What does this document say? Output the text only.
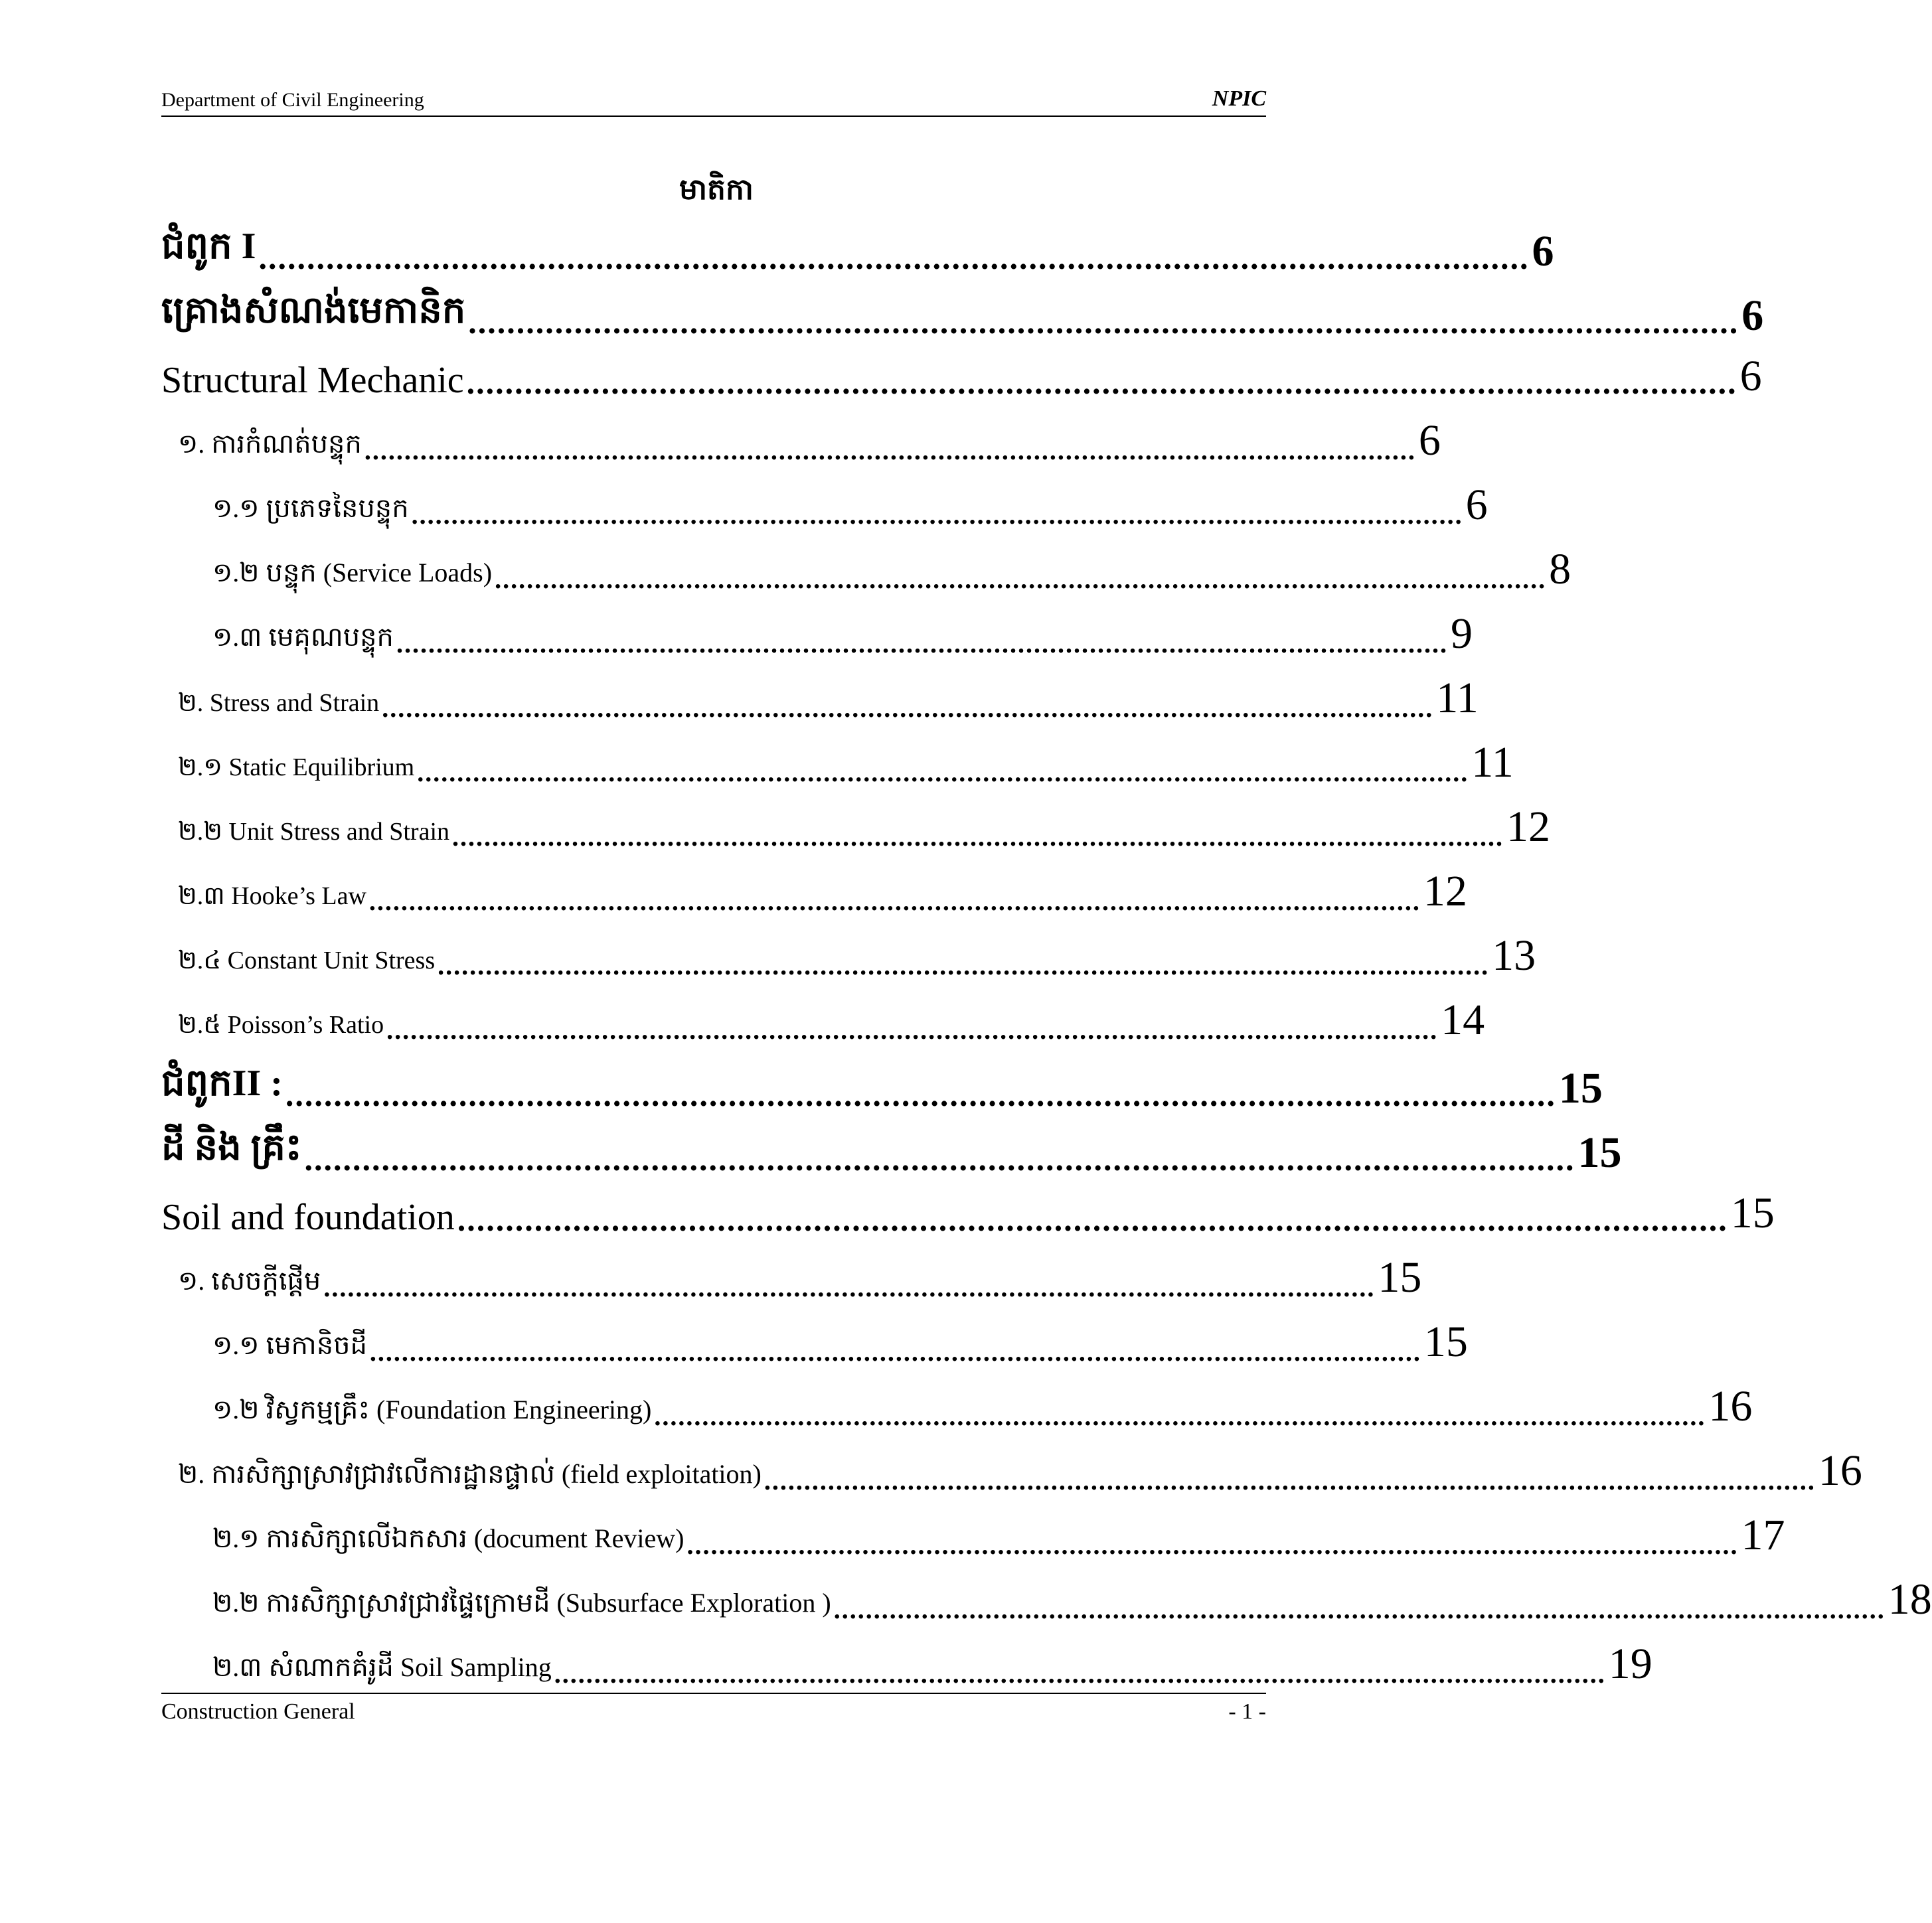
Department of Civil Engineering	NPIC
មាតិកា
ជំពូក I .................................................................................................................................... 6
គ្រោងសំណង់មេកានិក .................................................................................................................................... 6
Structural Mechanic .................................................................................................................................... 6
១. ការកំណត់បន្ទុក .................................................................................................................................... 6
១.១ ប្រភេទនៃបន្ទុក .................................................................................................................................... 6
១.២ បន្ទុក (Service Loads) .................................................................................................................................... 8
១.៣ មេគុណបន្ទុក .................................................................................................................................... 9
២. Stress and Strain .................................................................................................................................... 11
២.១ Static Equilibrium .................................................................................................................................... 11
២.២ Unit Stress and Strain .................................................................................................................................... 12
២.៣ Hooke’s Law .................................................................................................................................... 12
២.៤ Constant Unit Stress .................................................................................................................................... 13
២.៥ Poisson’s Ratio .................................................................................................................................... 14
ជំពូកII : .................................................................................................................................... 15
ដី និង គ្រឹះ .................................................................................................................................... 15
Soil and foundation .................................................................................................................................... 15
១. សេចក្តីផ្តើម .................................................................................................................................... 15
១.១ មេកានិចដី .................................................................................................................................... 15
១.២ វិស្វកម្មគ្រឹះ (Foundation Engineering) .................................................................................................................................... 16
២. ការសិក្សាស្រាវជ្រាវលើការដ្ឋានផ្ទាល់ (field exploitation) .................................................................................................................................... 16
២.១ ការសិក្សាលើឯកសារ (document Review) .................................................................................................................................... 17
២.២ ការសិក្សាស្រាវជ្រាវផ្ទៃក្រោមដី (Subsurface Exploration ) .................................................................................................................................... 18
២.៣ សំណាកគំរូដី Soil Sampling .................................................................................................................................... 19
Construction General	- 1 -
